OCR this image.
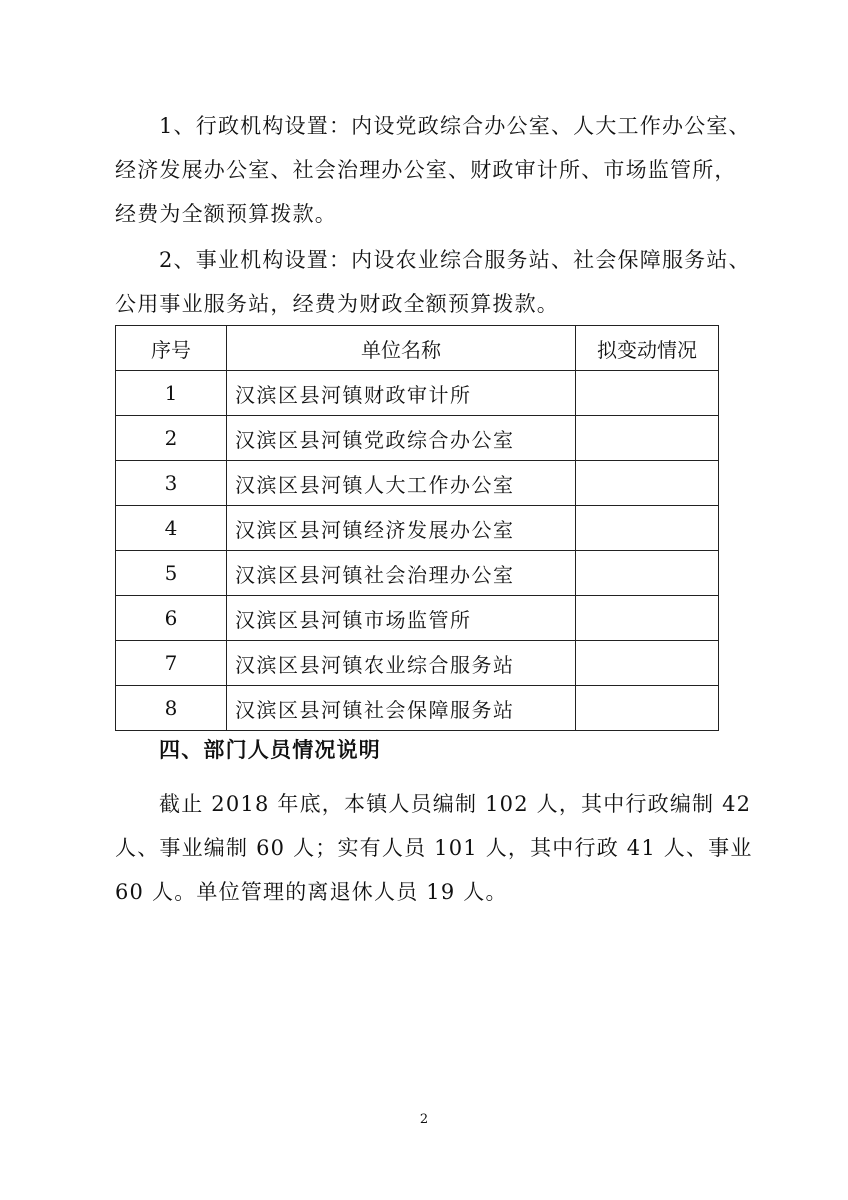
1、行政机构设置：内设党政综合办公室、人大工作办公室、经济发展办公室、社会治理办公室、财政审计所、市场监管所，经费为全额预算拨款。

2、事业机构设置：内设农业综合服务站、社会保障服务站、公用事业服务站，经费为财政全额预算拨款。

序号	单位名称	拟变动情况
1	汉滨区县河镇财政审计所	
2	汉滨区县河镇党政综合办公室	
3	汉滨区县河镇人大工作办公室	
4	汉滨区县河镇经济发展办公室	
5	汉滨区县河镇社会治理办公室	
6	汉滨区县河镇市场监管所	
7	汉滨区县河镇农业综合服务站	
8	汉滨区县河镇社会保障服务站	
四、部门人员情况说明

截止 2018 年底，本镇人员编制 102 人，其中行政编制 42 人、事业编制 60 人；实有人员 101 人，其中行政 41 人、事业 60 人。单位管理的离退休人员 19 人。

2
